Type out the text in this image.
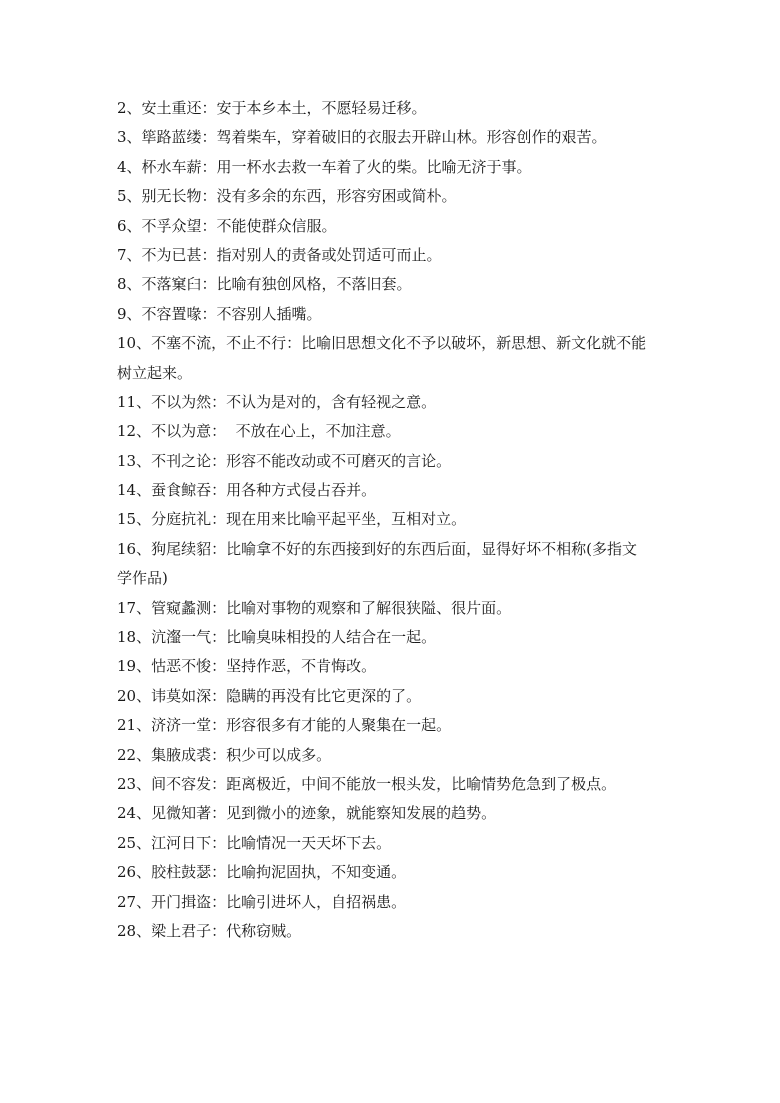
2、安土重还：安于本乡本土，不愿轻易迁移。
3、筚路蓝缕：驾着柴车，穿着破旧的衣服去开辟山林。形容创作的艰苦。
4、杯水车薪：用一杯水去救一车着了火的柴。比喻无济于事。
5、别无长物：没有多余的东西，形容穷困或简朴。
6、不孚众望：不能使群众信服。
7、不为已甚：指对别人的责备或处罚适可而止。
8、不落窠臼：比喻有独创风格，不落旧套。
9、不容置喙：不容别人插嘴。
10、不塞不流，不止不行：比喻旧思想文化不予以破坏，新思想、新文化就不能
树立起来。
11、不以为然：不认为是对的，含有轻视之意。
12、不以为意：  不放在心上，不加注意。
13、不刊之论：形容不能改动或不可磨灭的言论。
14、蚕食鲸吞：用各种方式侵占吞并。
15、分庭抗礼：现在用来比喻平起平坐，互相对立。
16、狗尾续貂：比喻拿不好的东西接到好的东西后面，显得好坏不相称(多指文
学作品)
17、管窥蠡测：比喻对事物的观察和了解很狭隘、很片面。
18、沆瀣一气：比喻臭味相投的人结合在一起。
19、怙恶不悛：坚持作恶，不肯悔改。
20、讳莫如深：隐瞒的再没有比它更深的了。
21、济济一堂：形容很多有才能的人聚集在一起。
22、集腋成裘：积少可以成多。
23、间不容发：距离极近，中间不能放一根头发，比喻情势危急到了极点。
24、见微知著：见到微小的迹象，就能察知发展的趋势。
25、江河日下：比喻情况一天天坏下去。
26、胶柱鼓瑟：比喻拘泥固执，不知变通。
27、开门揖盗：比喻引进坏人，自招祸患。
28、梁上君子：代称窃贼。
